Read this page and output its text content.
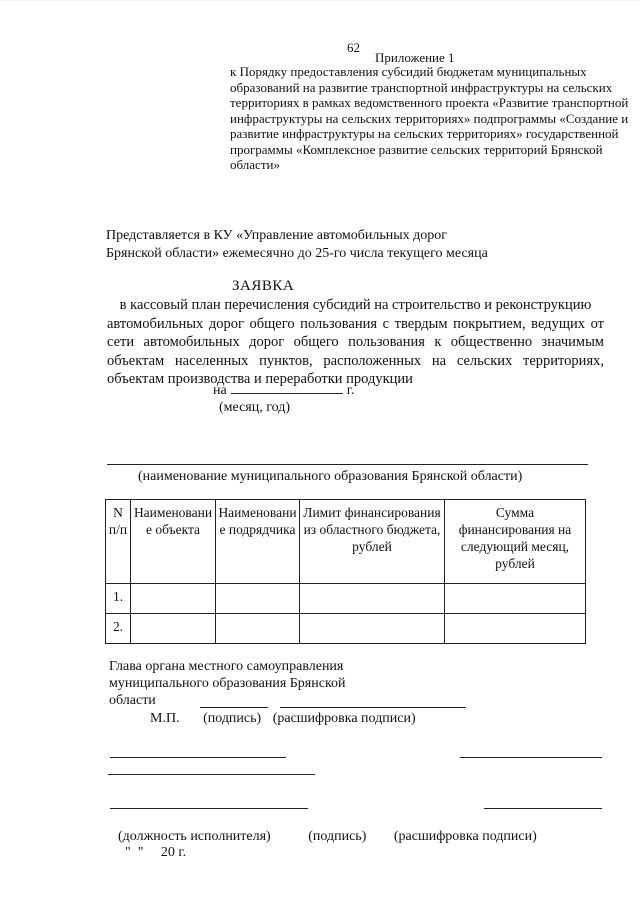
62
Приложение 1
к Порядку предоставления субсидий бюджетам муниципальных образований на развитие транспортной инфраструктуры на сельских территориях в рамках ведомственного проекта «Развитие транспортной инфраструктуры на сельских территориях» подпрограммы «Создание и развитие инфраструктуры на сельских территориях» государственной программы «Комплексное развитие сельских территорий Брянской области»
Представляется в КУ «Управление автомобильных дорог
Брянской области» ежемесячно до 25-го числа текущего месяца
ЗАЯВКА
в кассовый план перечисления субсидий на строительство и реконструкцию
автомобильных дорог общего пользования с твердым покрытием, ведущих от сети автомобильных дорог общего пользования к общественно значимым объектам населенных пунктов, расположенных на сельских территориях, объектам производства и переработки продукции
на	г.
(месяц, год)
(наименование муниципального образования Брянской области)
N п/п	Наименование объекта	Наименование подрядчика	Лимит финансирования из областного бюджета, рублей	Сумма финансирования на следующий месяц, рублей
1.				
2.				
Глава органа местного самоуправления
муниципального образования Брянской
области
М.П. (подпись) (расшифровка подписи)
(должность исполнителя)	(подпись) (расшифровка подписи)
"  "     20 г.
